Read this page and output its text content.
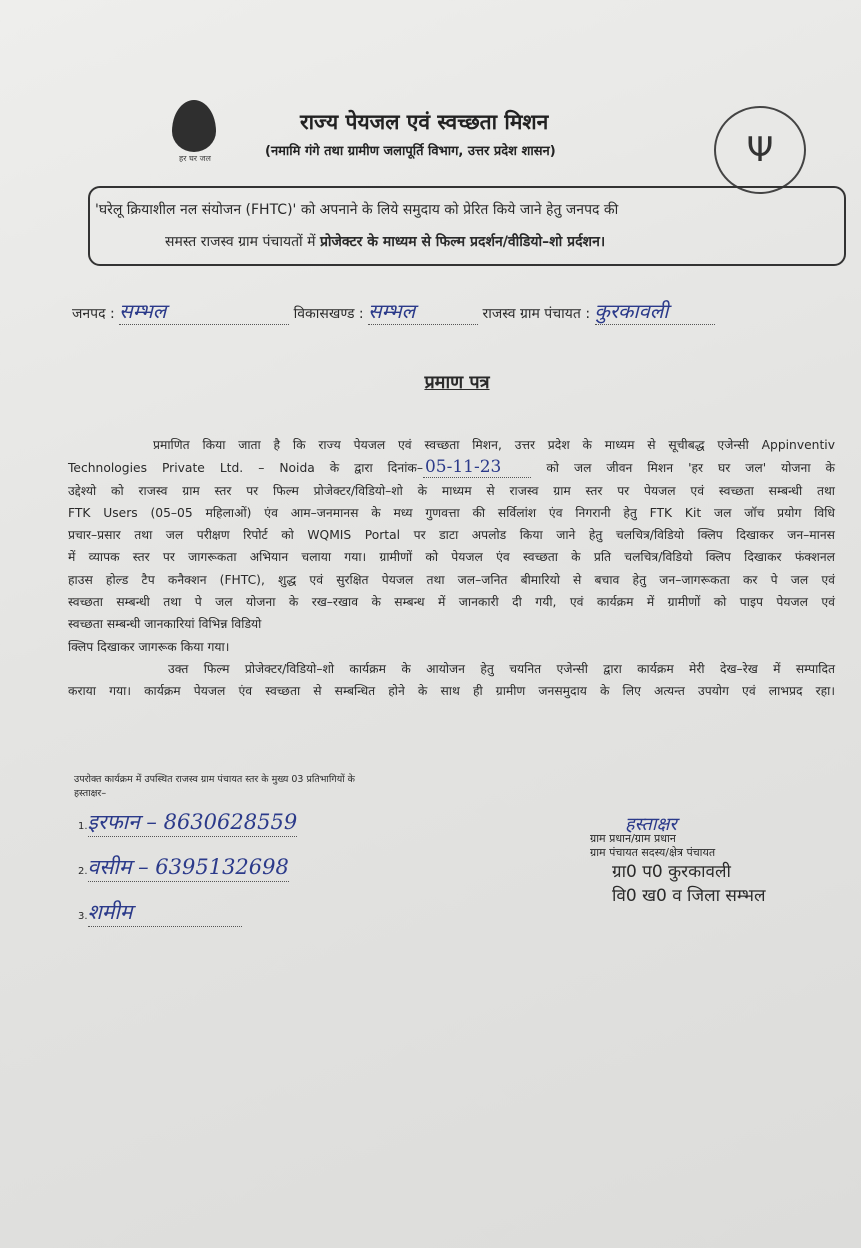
हर घर जल
राज्य पेयजल एवं स्वच्छता मिशन
(नमामि गंगे तथा ग्रामीण जलापूर्ति विभाग, उत्तर प्रदेश शासन)	Ψ
'घरेलू क्रियाशील नल संयोजन (FHTC)' को अपनाने के लिये समुदाय को प्रेरित किये जाने हेतु जनपद की
समस्त राजस्व ग्राम पंचायतों में प्रोजेक्टर के माध्यम से फिल्म प्रदर्शन/वीडियो–शो प्रर्दशन।
जनपद : सम्भल	विकासखण्ड : सम्भल	राजस्व ग्राम पंचायत : कुरकावली
प्रमाण पत्र
प्रमाणित किया जाता है कि राज्य पेयजल एवं स्वच्छता मिशन, उत्तर प्रदेश के माध्यम से सूचीबद्ध एजेन्सी Appinventiv
Technologies Private Ltd. – Noida के द्वारा दिनांक– 05-11-23 को जल जीवन मिशन 'हर घर जल' योजना के
उद्देश्यो को राजस्व ग्राम स्तर पर फिल्म प्रोजेक्टर/विडियो–शो के माध्यम से राजस्व ग्राम स्तर पर पेयजल एवं स्वच्छता सम्बन्धी तथा
FTK Users (05–05 महिलाओं) एंव आम–जनमानस के मध्य गुणवत्ता की सर्विलांश एंव निगरानी हेतु FTK Kit जल जॉच प्रयोग विधि
प्रचार–प्रसार तथा जल परीक्षण रिपोर्ट को WQMIS Portal पर डाटा अपलोड किया जाने हेतु चलचित्र/विडियो क्लिप दिखाकर जन–मानस
में व्यापक स्तर पर जागरूकता अभियान चलाया गया। ग्रामीणों को पेयजल एंव स्वच्छता के प्रति चलचित्र/विडियो क्लिप दिखाकर फंक्शनल
हाउस होल्ड टैप कनैक्शन (FHTC), शुद्ध एवं सुरक्षित पेयजल तथा जल–जनित बीमारियो से बचाव हेतु जन–जागरूकता कर पे जल एवं
स्वच्छता सम्बन्धी तथा पे जल योजना के रख–रखाव के सम्बन्ध में जानकारी दी गयी, एवं कार्यक्रम में ग्रामीणों को पाइप पेयजल एवं
स्वच्छता सम्बन्धी जानकारियां विभिन्न विडियो
क्लिप दिखाकर जागरूक किया गया।
उक्त फिल्म प्रोजेक्टर/विडियो–शो कार्यक्रम के आयोजन हेतु चयनित एजेन्सी द्वारा कार्यक्रम मेरी देख–रेख में सम्पादित
कराया गया। कार्यक्रम पेयजल एंव स्वच्छता से सम्बन्धित होने के साथ ही ग्रामीण जनसमुदाय के लिए अत्यन्त उपयोग एवं लाभप्रद रहा।
उपरोक्त कार्यक्रम में उपस्थित राजस्व ग्राम पंचायत स्तर के मुख्य 03 प्रतिभागियों के
हस्ताक्षर–
1.इरफान – 8630628559
2.वसीम – 6395132698
3.शमीम
हस्ताक्षर
ग्राम प्रधान/ग्राम प्रधान
ग्राम पंचायत सदस्य/क्षेत्र पंचायत
ग्रा0 प0 कुरकावली
वि0 ख0 व जिला सम्भल
